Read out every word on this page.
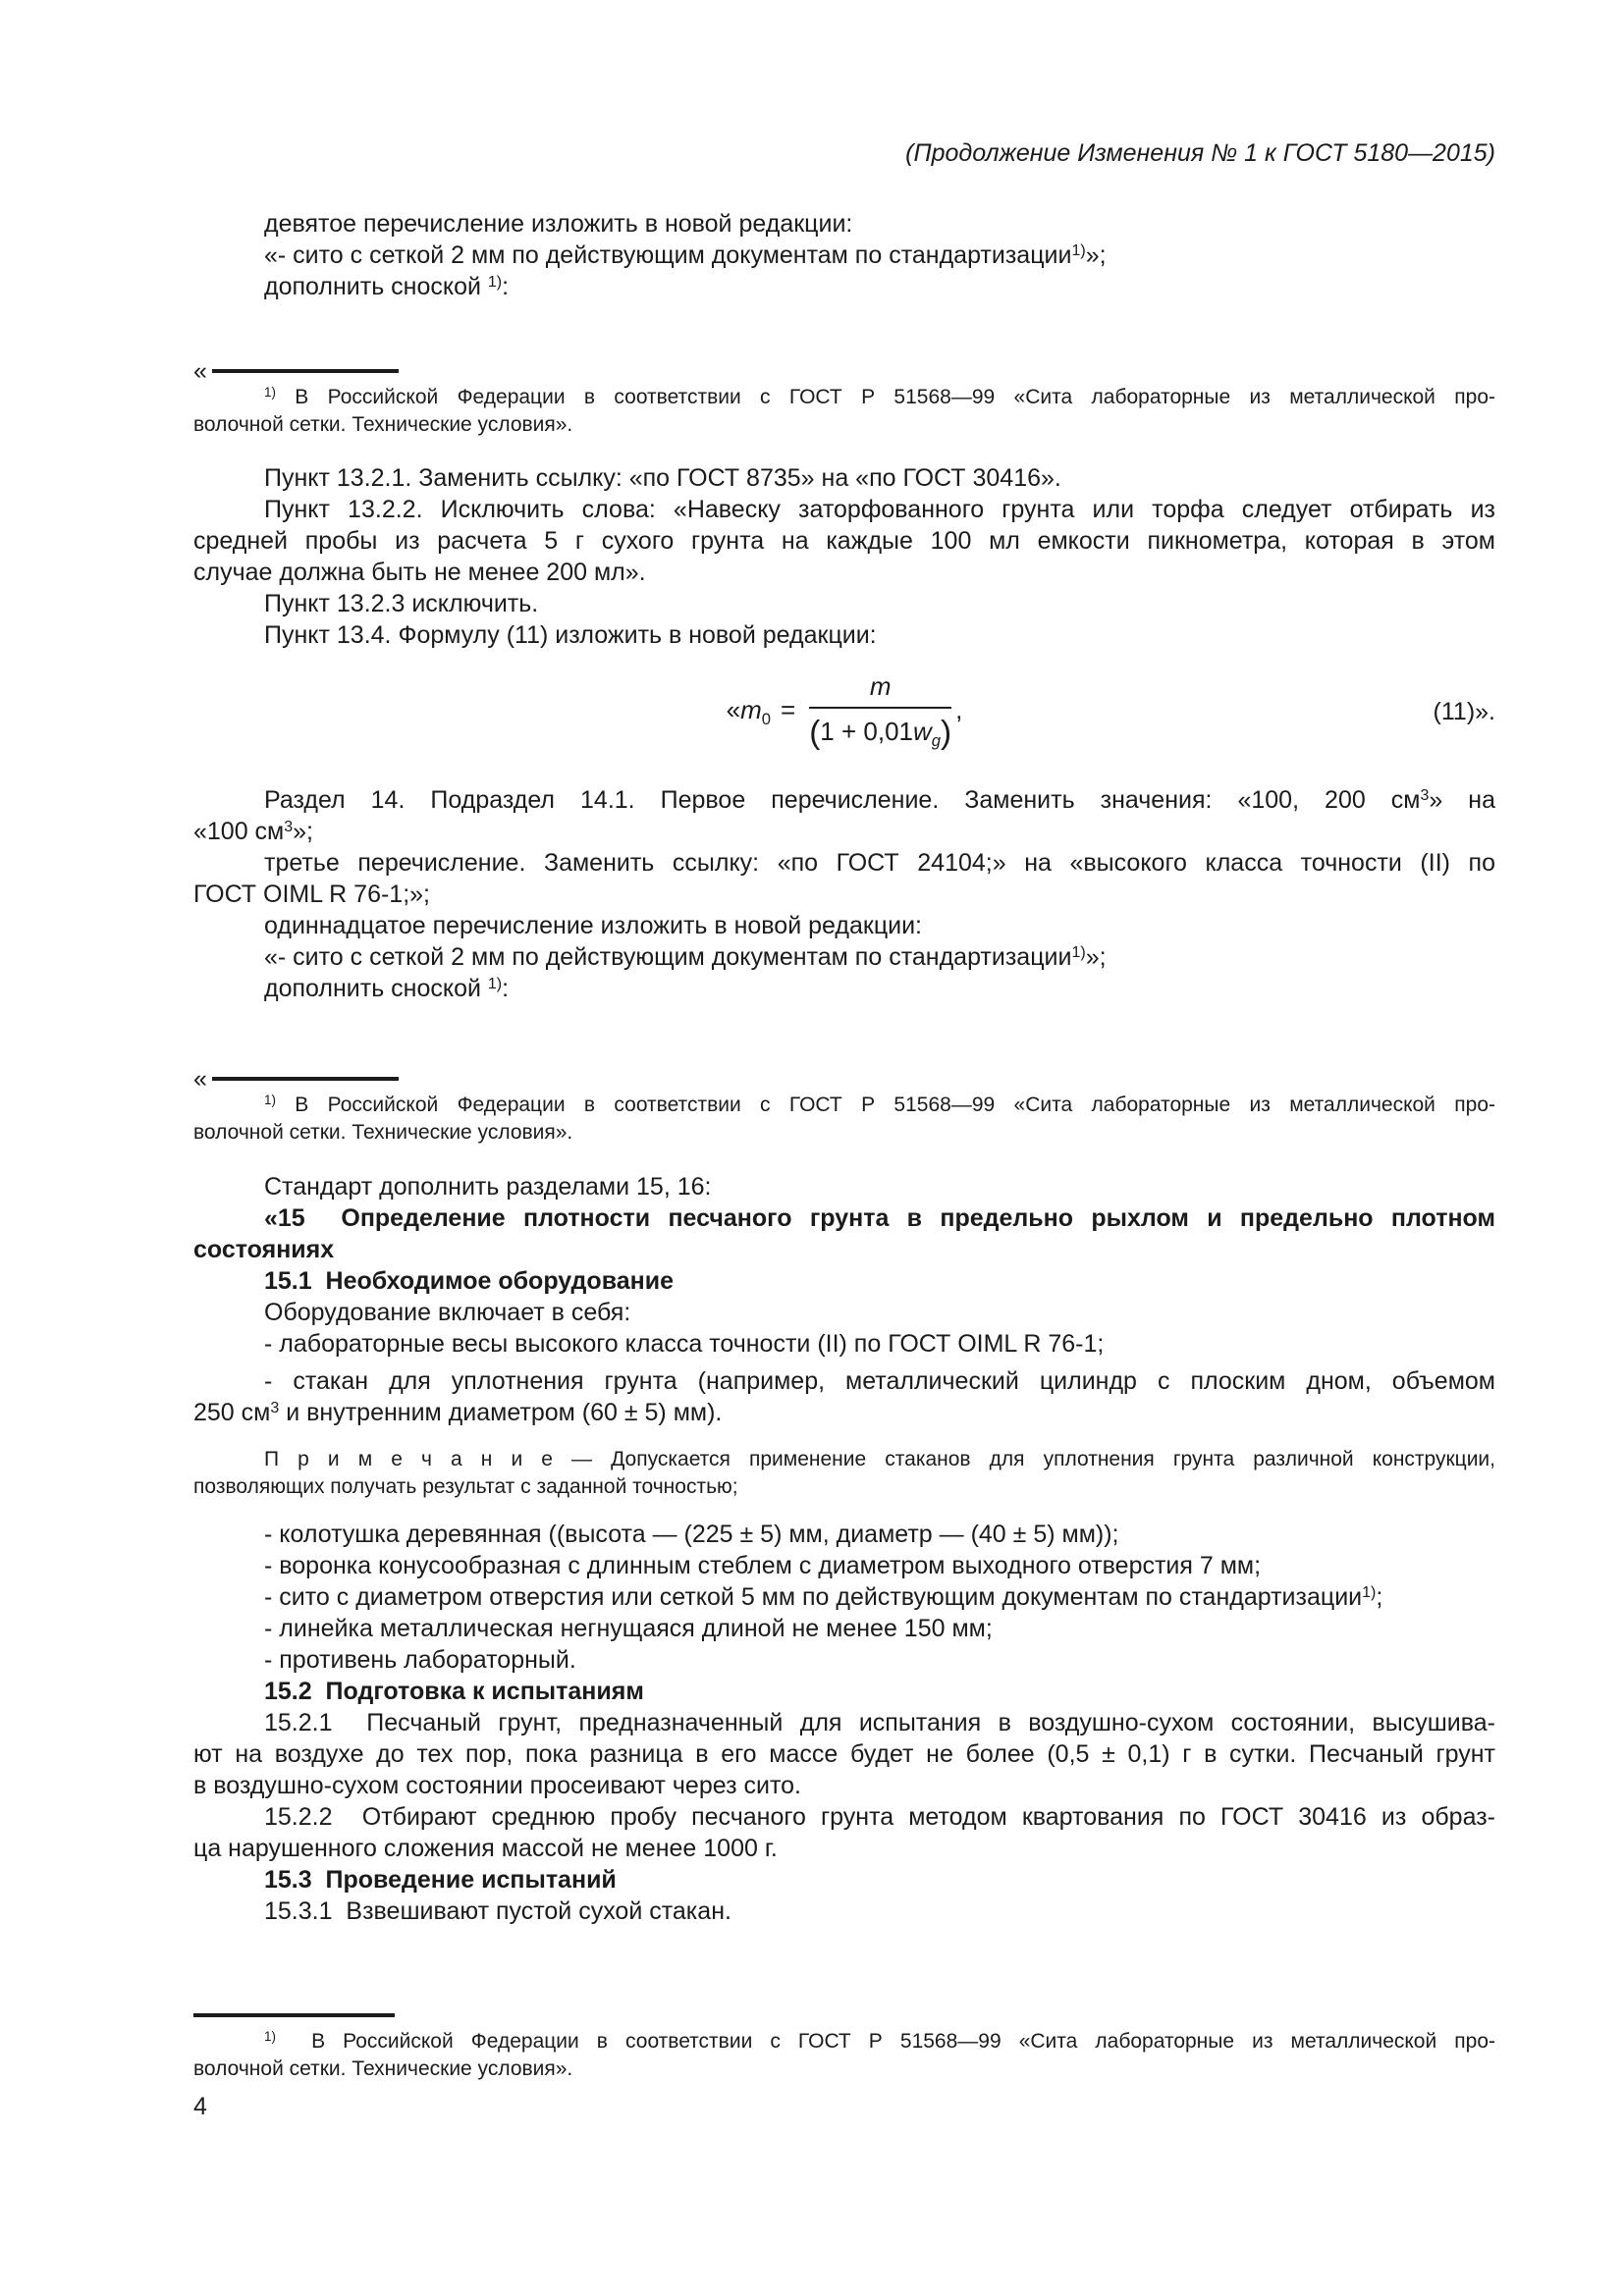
(Продолжение Изменения № 1 к ГОСТ 5180—2015)
девятое перечисление изложить в новой редакции:
«- сито с сеткой 2 мм по действующим документам по стандартизации$^{1)}$»;
дополнить сноской $^{1)}$:
«
$^{1)}$ В Российской Федерации в соответствии с ГОСТ Р 51568—99 «Сита лабораторные из металлической про-
волочной сетки. Технические условия».
Пункт 13.2.1. Заменить ссылку: «по ГОСТ 8735» на «по ГОСТ 30416».
Пункт 13.2.2. Исключить слова: «Навеску заторфованного грунта или торфа следует отбирать из
средней пробы из расчета 5 г сухого грунта на каждые 100 мл емкости пикнометра, которая в этом
случае должна быть не менее 200 мл».
Пункт 13.2.3 исключить.
Пункт 13.4. Формулу (11) изложить в новой редакции:
«$m_0 = \frac{m}{(1 + 0,01w_g)}$ ,	(11)».
Раздел 14. Подраздел 14.1. Первое перечисление. Заменить значения: «100, 200 $см^3$» на
«100 $см^3$»;
третье перечисление. Заменить ссылку: «по ГОСТ 24104;» на «высокого класса точности (II) по
ГОСТ OIML R 76-1;»;
одиннадцатое перечисление изложить в новой редакции:
«- сито с сеткой 2 мм по действующим документам по стандартизации$^{1)}$»;
дополнить сноской $^{1)}$:
«
$^{1)}$ В Российской Федерации в соответствии с ГОСТ Р 51568—99 «Сита лабораторные из металлической про-
волочной сетки. Технические условия».
Стандарт дополнить разделами 15, 16:
«15  Определение плотности песчаного грунта в предельно рыхлом и предельно плотном
состояниях
15.1  Необходимое оборудование
Оборудование включает в себя:
- лабораторные весы высокого класса точности (II) по ГОСТ OIML R 76-1;
- стакан для уплотнения грунта (например, металлический цилиндр с плоским дном, объемом
250 $см^3$ и внутренним диаметром (60 ± 5) мм).
П р и м е ч а н и е — Допускается применение стаканов для уплотнения грунта различной конструкции,
позволяющих получать результат с заданной точностью;
- колотушка деревянная ((высота — (225 ± 5) мм, диаметр — (40 ± 5) мм));
- воронка конусообразная с длинным стеблем с диаметром выходного отверстия 7 мм;
- сито с диаметром отверстия или сеткой 5 мм по действующим документам по стандартизации$^{1)}$;
- линейка металлическая негнущаяся длиной не менее 150 мм;
- противень лабораторный.
15.2  Подготовка к испытаниям
15.2.1  Песчаный грунт, предназначенный для испытания в воздушно-сухом состоянии, высушива-
ют на воздухе до тех пор, пока разница в его массе будет не более (0,5 ± 0,1) г в сутки. Песчаный грунт
в воздушно-сухом состоянии просеивают через сито.
15.2.2  Отбирают среднюю пробу песчаного грунта методом квартования по ГОСТ 30416 из образ-
ца нарушенного сложения массой не менее 1000 г.
15.3  Проведение испытаний
15.3.1  Взвешивают пустой сухой стакан.
$^{1)}$  В Российской Федерации в соответствии с ГОСТ Р 51568—99 «Сита лабораторные из металлической про-
волочной сетки. Технические условия».
4
